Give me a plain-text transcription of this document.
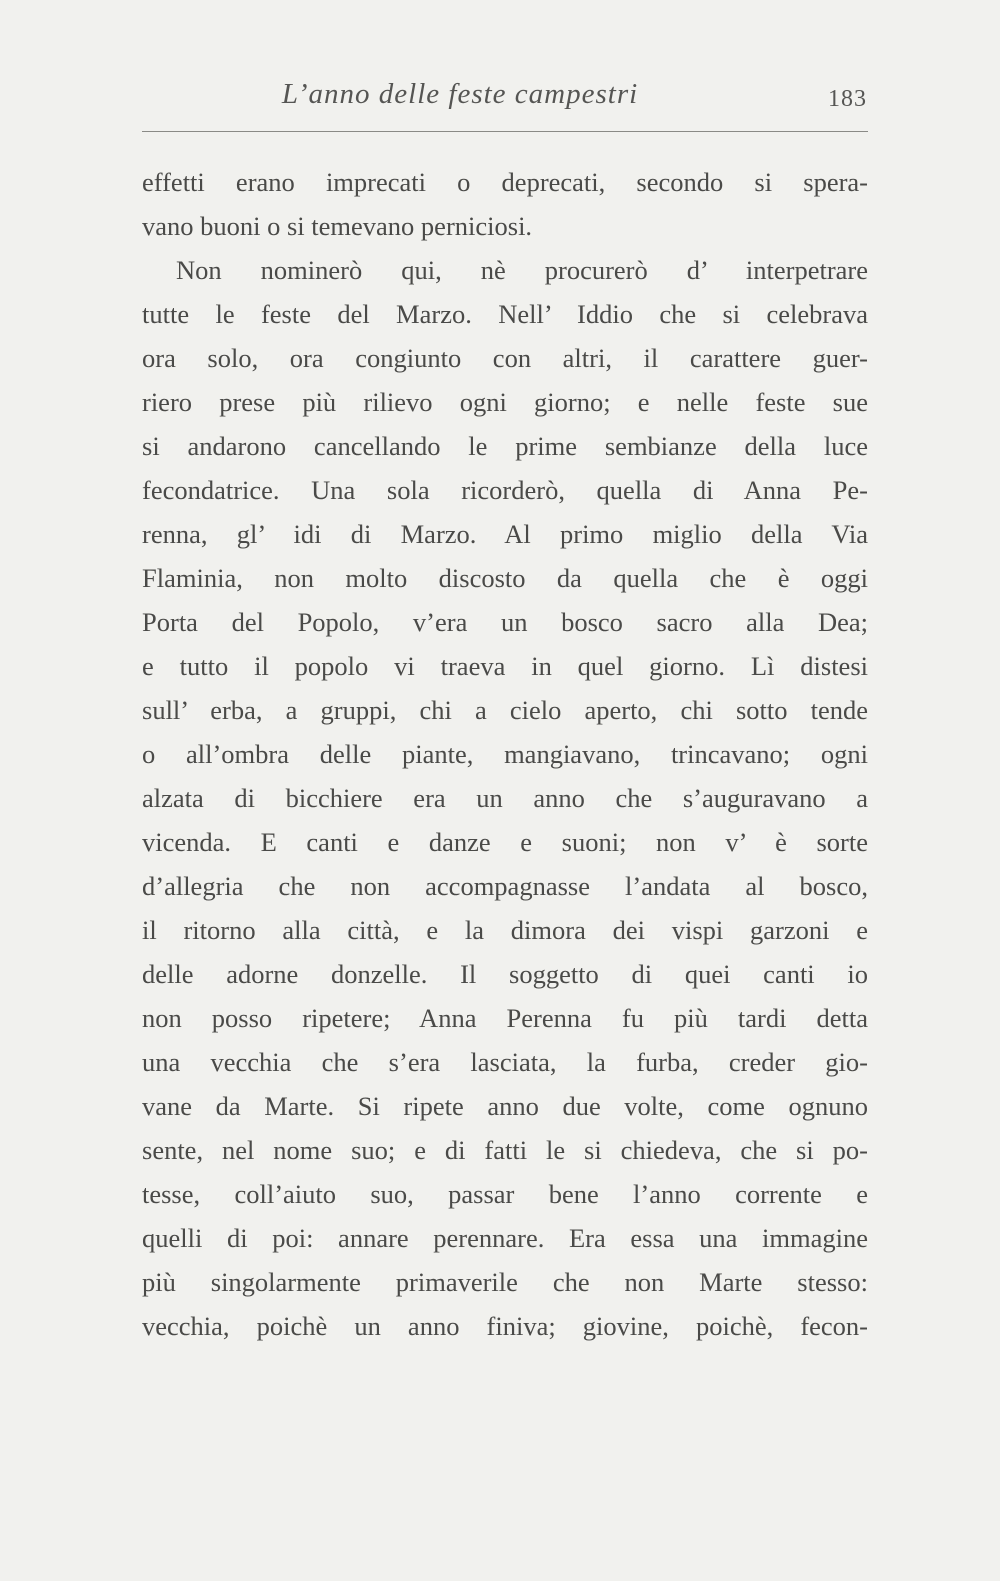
L’anno delle feste campestri	183
effetti erano imprecati o deprecati, secondo si spera-
vano buoni o si temevano perniciosi.
Non nominerò qui, nè procurerò d’ interpetrare
tutte le feste del Marzo. Nell’ Iddio che si celebrava
ora solo, ora congiunto con altri, il carattere guer-
riero prese più rilievo ogni giorno; e nelle feste sue
si andarono cancellando le prime sembianze della luce
fecondatrice. Una sola ricorderò, quella di Anna Pe-
renna, gl’ idi di Marzo. Al primo miglio della Via
Flaminia, non molto discosto da quella che è oggi
Porta del Popolo, v’era un bosco sacro alla Dea;
e tutto il popolo vi traeva in quel giorno. Lì distesi
sull’ erba, a gruppi, chi a cielo aperto, chi sotto tende
o all’ombra delle piante, mangiavano, trincavano; ogni
alzata di bicchiere era un anno che s’auguravano a
vicenda. E canti e danze e suoni; non v’ è sorte
d’allegria che non accompagnasse l’andata al bosco,
il ritorno alla città, e la dimora dei vispi garzoni e
delle adorne donzelle. Il soggetto di quei canti io
non posso ripetere; Anna Perenna fu più tardi detta
una vecchia che s’era lasciata, la furba, creder gio-
vane da Marte. Si ripete anno due volte, come ognuno
sente, nel nome suo; e di fatti le si chiedeva, che si po-
tesse, coll’aiuto suo, passar bene l’anno corrente e
quelli di poi: annare perennare. Era essa una immagine
più singolarmente primaverile che non Marte stesso:
vecchia, poichè un anno finiva; giovine, poichè, fecon-
